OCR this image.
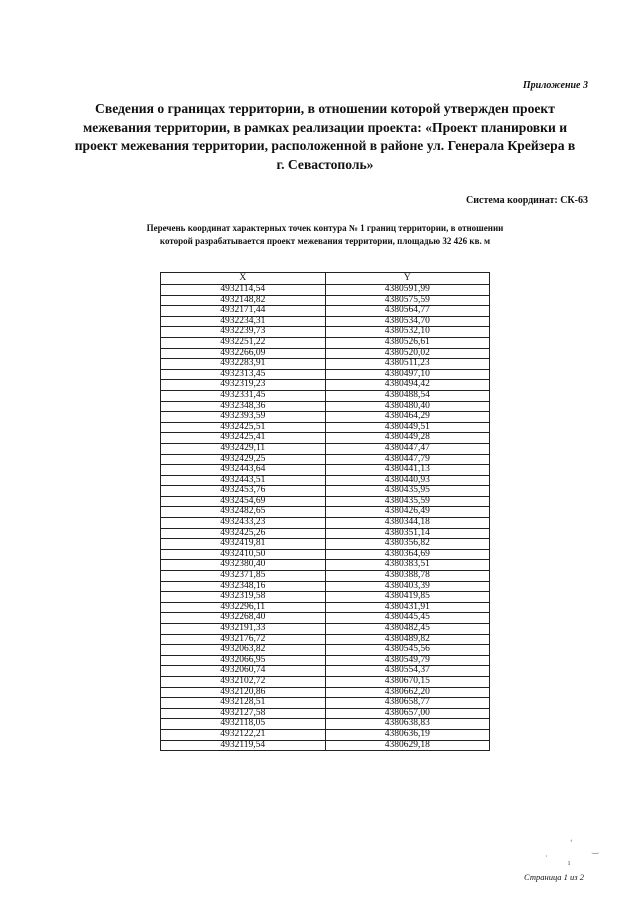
Приложение 3
Сведения о границах территории, в отношении которой утвержден проект межевания территории, в рамках реализации проекта: «Проект планировки и проект межевания территории, расположенной в районе ул. Генерала Крейзера в г. Севастополь»
Система координат: СК-63
Перечень координат характерных точек контура № 1 границ территории, в отношении которой разрабатывается проект межевания территории, площадью 32 426 кв. м
X	Y
4932114,54	4380591,99
4932148,82	4380575,59
4932171,44	4380564,77
4932234,31	4380534,70
4932239,73	4380532,10
4932251,22	4380526,61
4932266,09	4380520,02
4932283,91	4380511,23
4932313,45	4380497,10
4932319,23	4380494,42
4932331,45	4380488,54
4932348,36	4380480,40
4932393,59	4380464,29
4932425,51	4380449,51
4932425,41	4380449,28
4932429,11	4380447,47
4932429,25	4380447,79
4932443,64	4380441,13
4932443,51	4380440,93
4932453,76	4380435,95
4932454,69	4380435,59
4932482,65	4380426,49
4932433,23	4380344,18
4932425,26	4380351,14
4932419,81	4380356,82
4932410,50	4380364,69
4932380,40	4380383,51
4932371,85	4380388,78
4932348,16	4380403,39
4932319,58	4380419,85
4932296,11	4380431,91
4932268,40	4380445,45
4932191,33	4380482,45
4932176,72	4380489,82
4932063,82	4380545,56
4932066,95	4380549,79
4932060,74	4380554,37
4932102,72	4380670,15
4932120,86	4380662,20
4932128,51	4380658,77
4932127,58	4380657,00
4932118,05	4380638,83
4932122,21	4380636,19
4932119,54	4380629,18
‘
‿
·
ı
Страница 1 из 2
